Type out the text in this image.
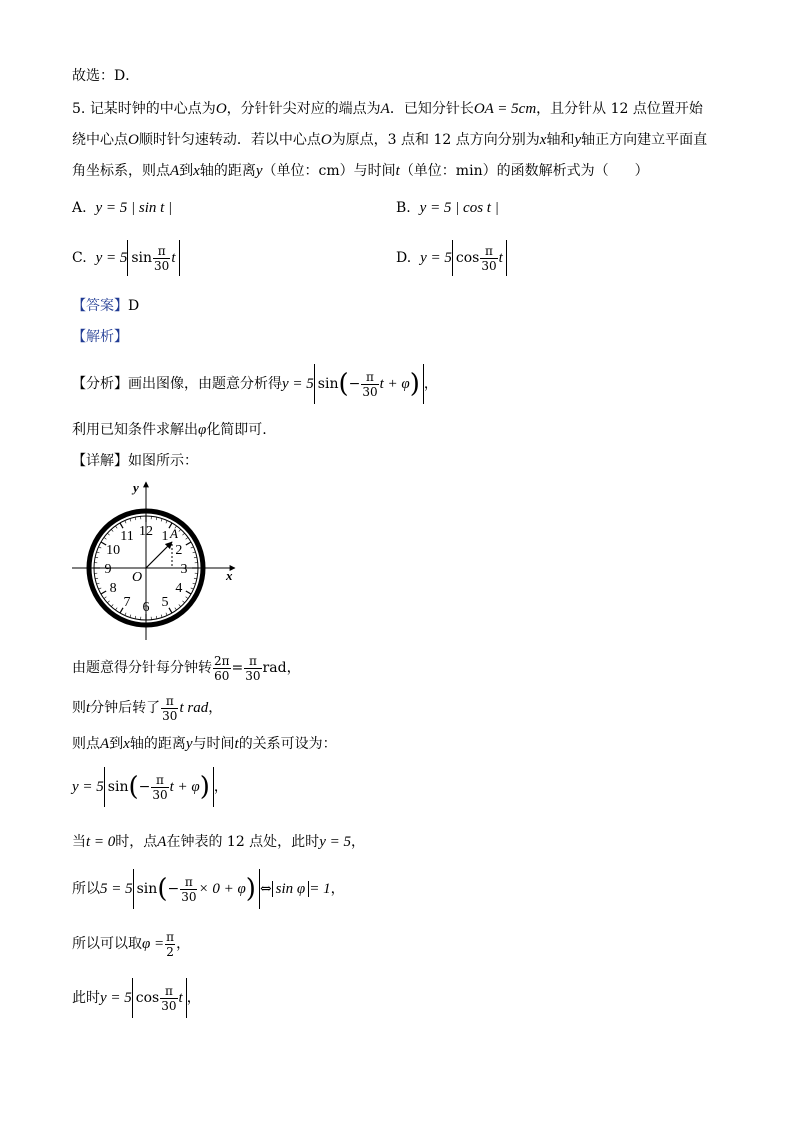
故选：D．
5. 记某时钟的中心点为O，分针针尖对应的端点为A．已知分针长OA = 5cm，且分针从 12 点位置开始
绕中心点O顺时针匀速转动．若以中心点O为原点，3 点和 12 点方向分别为x轴和y轴正方向建立平面直
角坐标系，则点A到x轴的距离y（单位：cm）与时间t（单位：min）的函数解析式为（ ）
A. y = 5 | sin t |	B. y = 5 | cos t |
C. y = 5 $\sin \frac{\pi}{30}$ t	D. y = 5 $\cos \frac{\pi}{30}$ t
【答案】D
【解析】
【分析】画出图像，由题意分析得y = 5 $\sin(- \frac{\pi}{30}$ t + φ) ，
利用已知条件求解出φ化简即可.
【详解】如图所示：
12 1
2
3
4
5
6
7
8
9
10
11	A
O	x
y
由题意得分针每分钟转 $\frac{2\pi}{60} = \frac{\pi}{30}$ rad，
则t分钟后转了 $\frac{\pi}{30}$ t rad，
则点A到x轴的距离y与时间t的关系可设为：
y = 5 $\sin(- \frac{\pi}{30}$ t + φ) ，
当t = 0时，点A在钟表的 12 点处，此时y = 5，
所以5 = 5 $\sin(- \frac{\pi}{30} \times 0 + \varphi)$ ⇔ sin φ = 1，
所以可以取$\varphi = \frac{\pi}{2}$ ，
此时y = 5 $\cos \frac{\pi}{30}$ t ，
